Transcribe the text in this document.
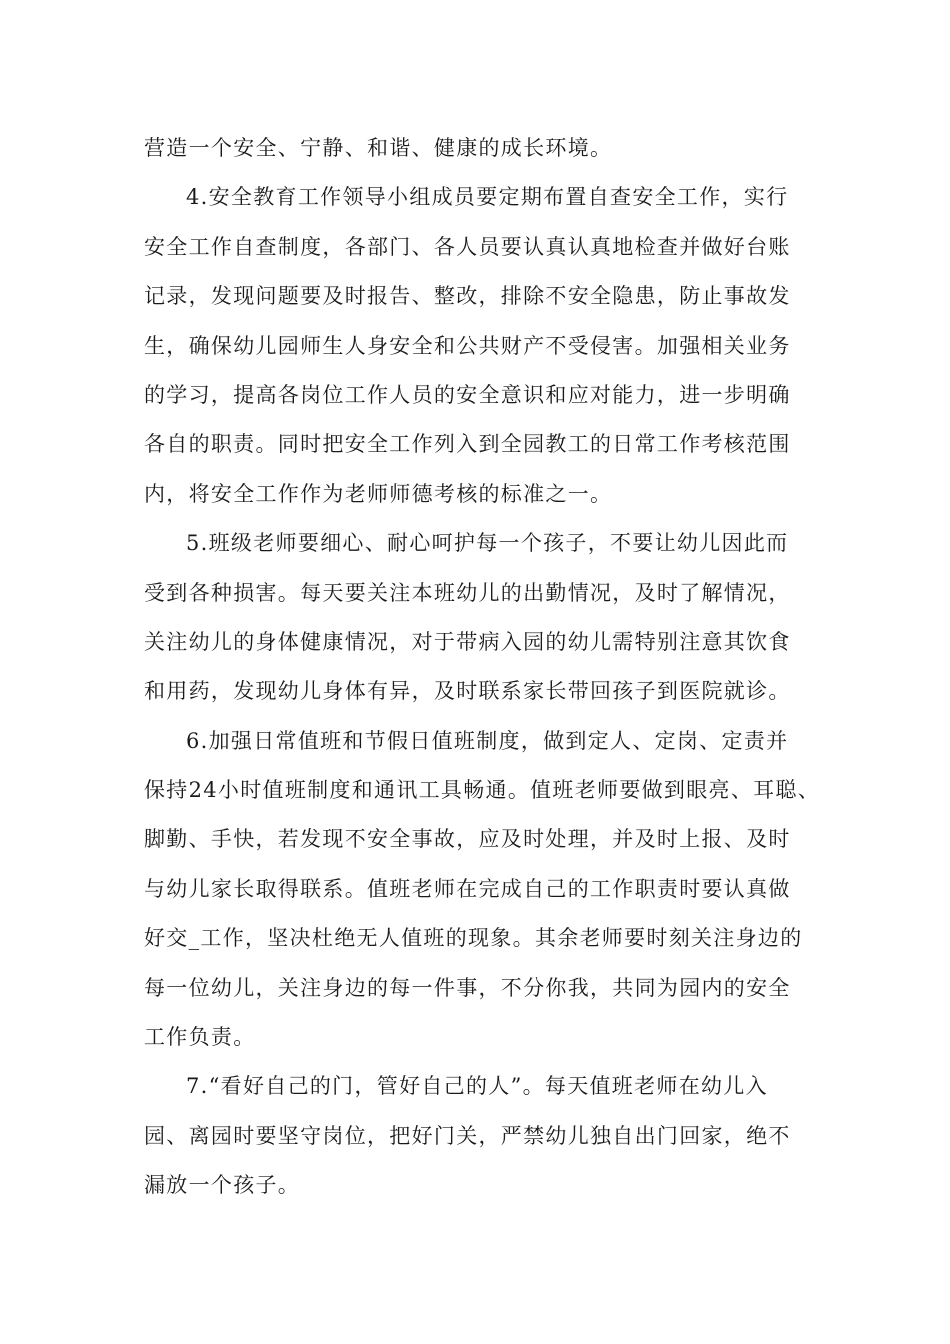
营造一个安全、宁静、和谐、健康的成长环境。
4.安全教育工作领导小组成员要定期布置自查安全工作，实行
安全工作自查制度，各部门、各人员要认真认真地检查并做好台账
记录，发现问题要及时报告、整改，排除不安全隐患，防止事故发
生，确保幼儿园师生人身安全和公共财产不受侵害。加强相关业务
的学习，提高各岗位工作人员的安全意识和应对能力，进一步明确
各自的职责。同时把安全工作列入到全园教工的日常工作考核范围
内，将安全工作作为老师师德考核的标准之一。
5.班级老师要细心、耐心呵护每一个孩子，不要让幼儿因此而
受到各种损害。每天要关注本班幼儿的出勤情况，及时了解情况，
关注幼儿的身体健康情况，对于带病入园的幼儿需特别注意其饮食
和用药，发现幼儿身体有异，及时联系家长带回孩子到医院就诊。
6.加强日常值班和节假日值班制度，做到定人、定岗、定责并
保持24小时值班制度和通讯工具畅通。值班老师要做到眼亮、耳聪、
脚勤、手快，若发现不安全事故，应及时处理，并及时上报、及时
与幼儿家长取得联系。值班老师在完成自己的工作职责时要认真做
好交_工作，坚决杜绝无人值班的现象。其余老师要时刻关注身边的
每一位幼儿，关注身边的每一件事，不分你我，共同为园内的安全
工作负责。
7.“看好自己的门，管好自己的人”。每天值班老师在幼儿入
园、离园时要坚守岗位，把好门关，严禁幼儿独自出门回家，绝不
漏放一个孩子。
